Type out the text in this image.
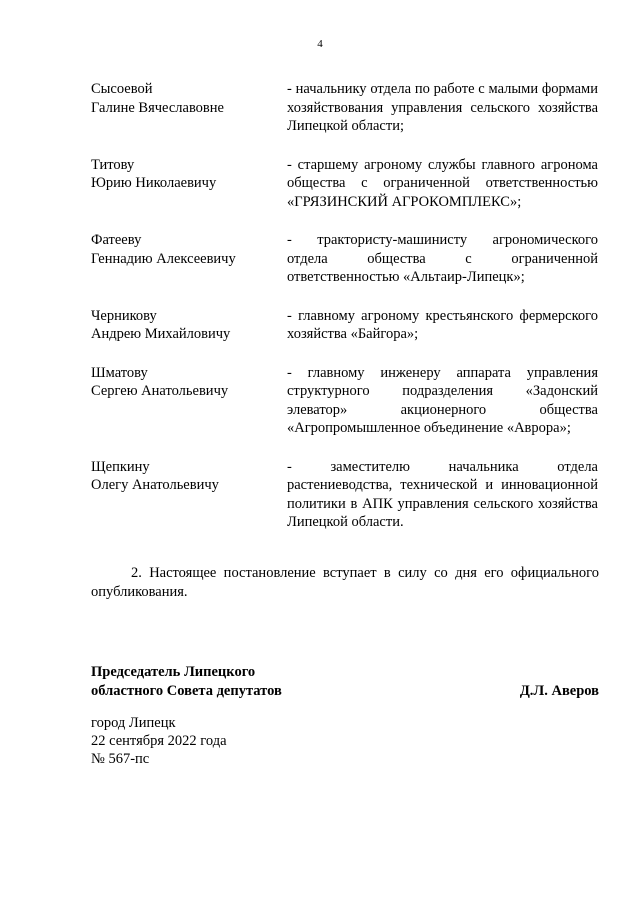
4
Сысоевой
Галине Вячеславовне
- начальнику отдела по работе с малыми формами хозяйствования управления сельского хозяйства Липецкой области;
Титову
Юрию Николаевичу
- старшему агроному службы главного агронома общества с ограниченной ответственностью «ГРЯЗИНСКИЙ АГРОКОМПЛЕКС»;
Фатееву
Геннадию Алексеевичу
- трактористу-машинисту агрономического отдела общества с ограниченной ответственностью «Альтаир-Липецк»;
Черникову
Андрею Михайловичу
- главному агроному крестьянского фермерского хозяйства «Байгора»;
Шматову
Сергею Анатольевичу
- главному инженеру аппарата управления структурного подразделения «Задонский элеватор» акционерного общества «Агропромышленное объединение «Аврора»;
Щепкину
Олегу Анатольевичу
- заместителю начальника отдела растениеводства, технической и инновационной политики в АПК управления сельского хозяйства Липецкой области.
2. Настоящее постановление вступает в силу со дня его официального опубликования.
Председатель Липецкого
областного Совета депутатов	Д.Л. Аверов
город Липецк
22 сентября 2022 года
№ 567-пс
